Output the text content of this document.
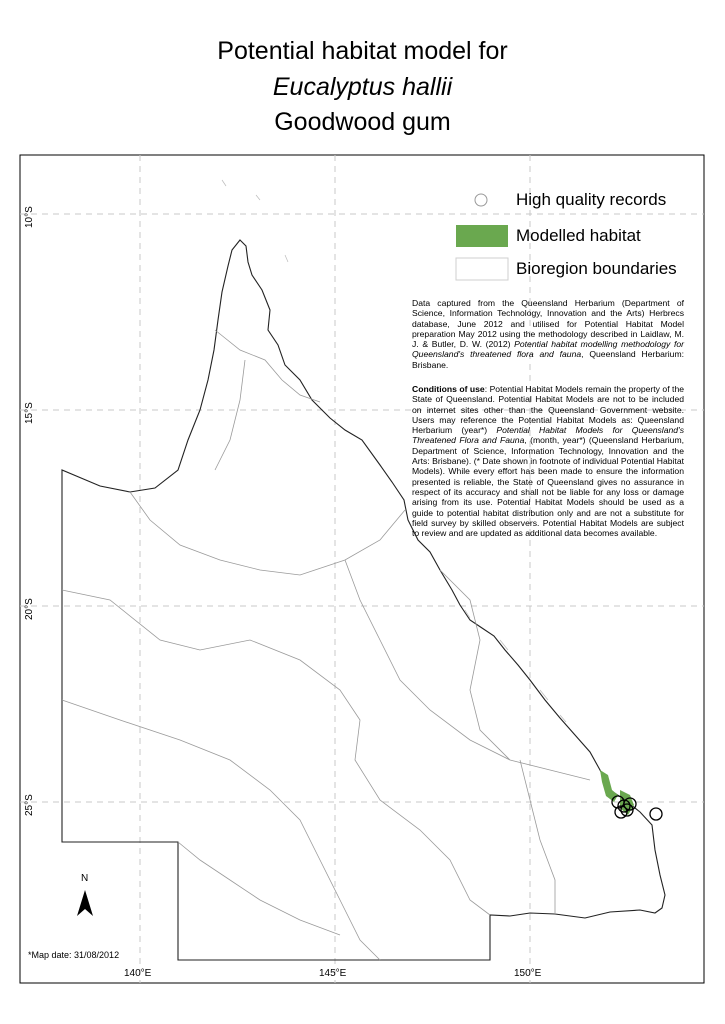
Potential habitat model for
Eucalyptus hallii
Goodwood gum
High quality records
Modelled habitat
Bioregion boundaries
Data captured from the Queensland Herbarium (Department of Science, Information Technology, Innovation and the Arts) Herbrecs database, June 2012 and utilised for Potential Habitat Model preparation May 2012 using the methodology described in Laidlaw, M. J. & Butler, D. W. (2012) Potential habitat modelling methodology for Queensland's threatened flora and fauna, Queensland Herbarium: Brisbane.
Conditions of use: Potential Habitat Models remain the property of the State of Queensland. Potential Habitat Models are not to be included on internet sites other than the Queensland Government website. Users may reference the Potential Habitat Models as: Queensland Herbarium (year*) Potential Habitat Models for Queensland's Threatened Flora and Fauna, (month, year*) (Queensland Herbarium, Department of Science, Information Technology, Innovation and the Arts: Brisbane). (* Date shown in footnote of individual Potential Habitat Models). While every effort has been made to ensure the information presented is reliable, the State of Queensland gives no assurance in respect of its accuracy and shall not be liable for any loss or damage arising from its use. Potential Habitat Models should be used as a guide to potential habitat distribution only and are not a substitute for field survey by skilled observers. Potential Habitat Models are subject to review and are updated as additional data becomes available.
N
*Map date: 31/08/2012
140°E	145°E	150°E
10°S
15°S
20°S
25°S
